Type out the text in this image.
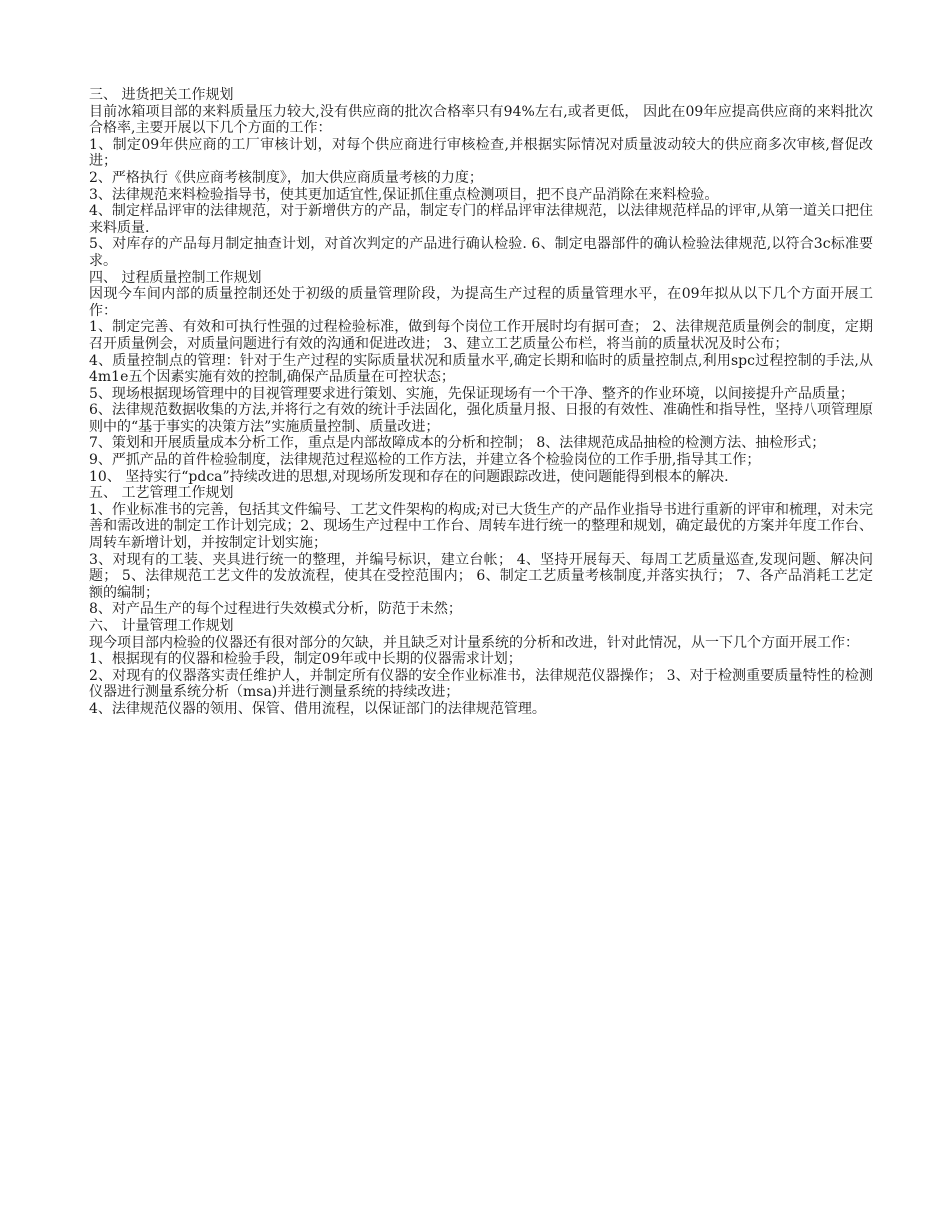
三、 进货把关工作规划

目前冰箱项目部的来料质量压力较大,没有供应商的批次合格率只有94%左右,或者更低， 因此在09年应提高供应商的来料批次合格率,主要开展以下几个方面的工作：

1、制定09年供应商的工厂审核计划，对每个供应商进行审核检查,并根据实际情况对质量波动较大的供应商多次审核,督促改进；

2、严格执行《供应商考核制度》，加大供应商质量考核的力度；

3、法律规范来料检验指导书，使其更加适宜性,保证抓住重点检测项目，把不良产品消除在来料检验。

4、制定样品评审的法律规范，对于新增供方的产品，制定专门的样品评审法律规范，以法律规范样品的评审,从第一道关口把住来料质量.

5、对库存的产品每月制定抽查计划，对首次判定的产品进行确认检验. 6、制定电器部件的确认检验法律规范,以符合3c标准要求。

四、 过程质量控制工作规划

因现今车间内部的质量控制还处于初级的质量管理阶段，为提高生产过程的质量管理水平，在09年拟从以下几个方面开展工作：

1、制定完善、有效和可执行性强的过程检验标准，做到每个岗位工作开展时均有据可查； 2、法律规范质量例会的制度，定期召开质量例会，对质量问题进行有效的沟通和促进改进； 3、建立工艺质量公布栏，将当前的质量状况及时公布；

4、质量控制点的管理：针对于生产过程的实际质量状况和质量水平,确定长期和临时的质量控制点,利用spc过程控制的手法,从4m1e五个因素实施有效的控制,确保产品质量在可控状态；

5、现场根据现场管理中的目视管理要求进行策划、实施，先保证现场有一个干净、整齐的作业环境，以间接提升产品质量；

6、法律规范数据收集的方法,并将行之有效的统计手法固化，强化质量月报、日报的有效性、准确性和指导性，坚持八项管理原则中的“基于事实的决策方法”实施质量控制、质量改进；

7、策划和开展质量成本分析工作，重点是内部故障成本的分析和控制； 8、法律规范成品抽检的检测方法、抽检形式；

9、严抓产品的首件检验制度，法律规范过程巡检的工作方法，并建立各个检验岗位的工作手册,指导其工作；

10、 坚持实行“pdca”持续改进的思想,对现场所发现和存在的问题跟踪改进，使问题能得到根本的解决.

五、 工艺管理工作规划

1、作业标准书的完善，包括其文件编号、工艺文件架构的构成;对已大货生产的产品作业指导书进行重新的评审和梳理，对未完善和需改进的制定工作计划完成；2、现场生产过程中工作台、周转车进行统一的整理和规划，确定最优的方案并年度工作台、周转车新增计划，并按制定计划实施；

3、对现有的工装、夹具进行统一的整理，并编号标识，建立台帐； 4、坚持开展每天、每周工艺质量巡查,发现问题、解决问题； 5、法律规范工艺文件的发放流程，使其在受控范围内； 6、制定工艺质量考核制度,并落实执行； 7、各产品消耗工艺定额的编制；

8、对产品生产的每个过程进行失效模式分析，防范于未然；

六、 计量管理工作规划

现今项目部内检验的仪器还有很对部分的欠缺，并且缺乏对计量系统的分析和改进，针对此情况，从一下几个方面开展工作：

1、根据现有的仪器和检验手段，制定09年或中长期的仪器需求计划；

2、对现有的仪器落实责任维护人，并制定所有仪器的安全作业标准书，法律规范仪器操作； 3、对于检测重要质量特性的检测仪器进行测量系统分析（msa)并进行测量系统的持续改进；

4、法律规范仪器的领用、保管、借用流程，以保证部门的法律规范管理。
